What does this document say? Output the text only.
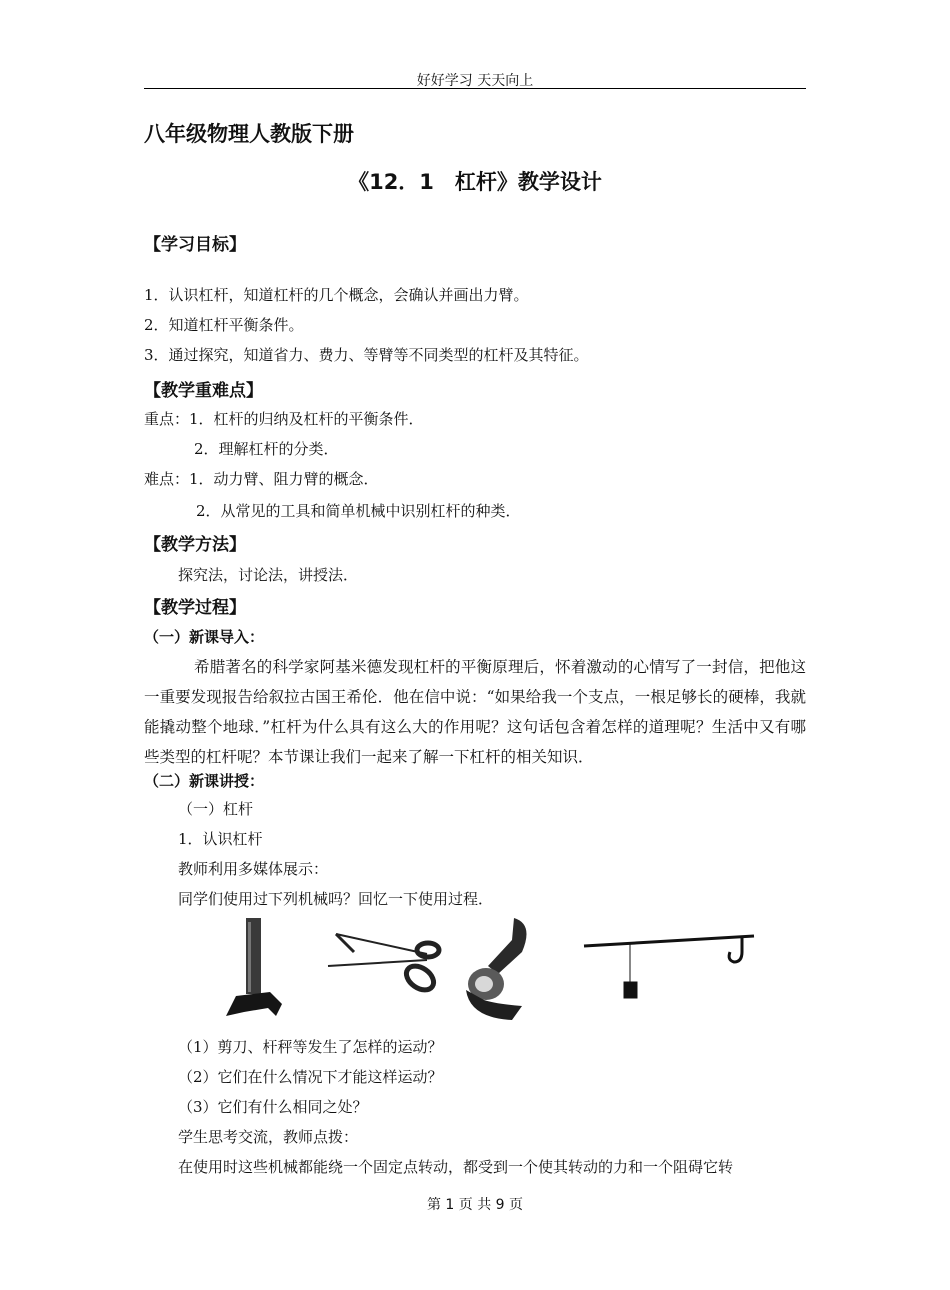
好好学习 天天向上
八年级物理人教版下册
《12．1　杠杆》教学设计
【学习目标】
1．认识杠杆，知道杠杆的几个概念，会确认并画出力臂。
2．知道杠杆平衡条件。
3．通过探究，知道省力、费力、等臂等不同类型的杠杆及其特征。
【教学重难点】
重点：1．杠杆的归纳及杠杆的平衡条件．
2．理解杠杆的分类．
难点：1．动力臂、阻力臂的概念．
2．从常见的工具和简单机械中识别杠杆的种类．
【教学方法】
探究法，讨论法，讲授法．
【教学过程】
（一）新课导入：
希腊著名的科学家阿基米德发现杠杆的平衡原理后，怀着激动的心情写了一封信，把他这一重要发现报告给叙拉古国王希伦．他在信中说：“如果给我一个支点，一根足够长的硬棒，我就能撬动整个地球．”杠杆为什么具有这么大的作用呢？这句话包含着怎样的道理呢？生活中又有哪些类型的杠杆呢？本节课让我们一起来了解一下杠杆的相关知识．
（二）新课讲授：
（一）杠杆
1．认识杠杆
教师利用多媒体展示：
同学们使用过下列机械吗？回忆一下使用过程．
（1）剪刀、杆秤等发生了怎样的运动？
（2）它们在什么情况下才能这样运动？
（3）它们有什么相同之处？
学生思考交流，教师点拨：
在使用时这些机械都能绕一个固定点转动，都受到一个使其转动的力和一个阻碍它转
第 1 页 共 9 页
